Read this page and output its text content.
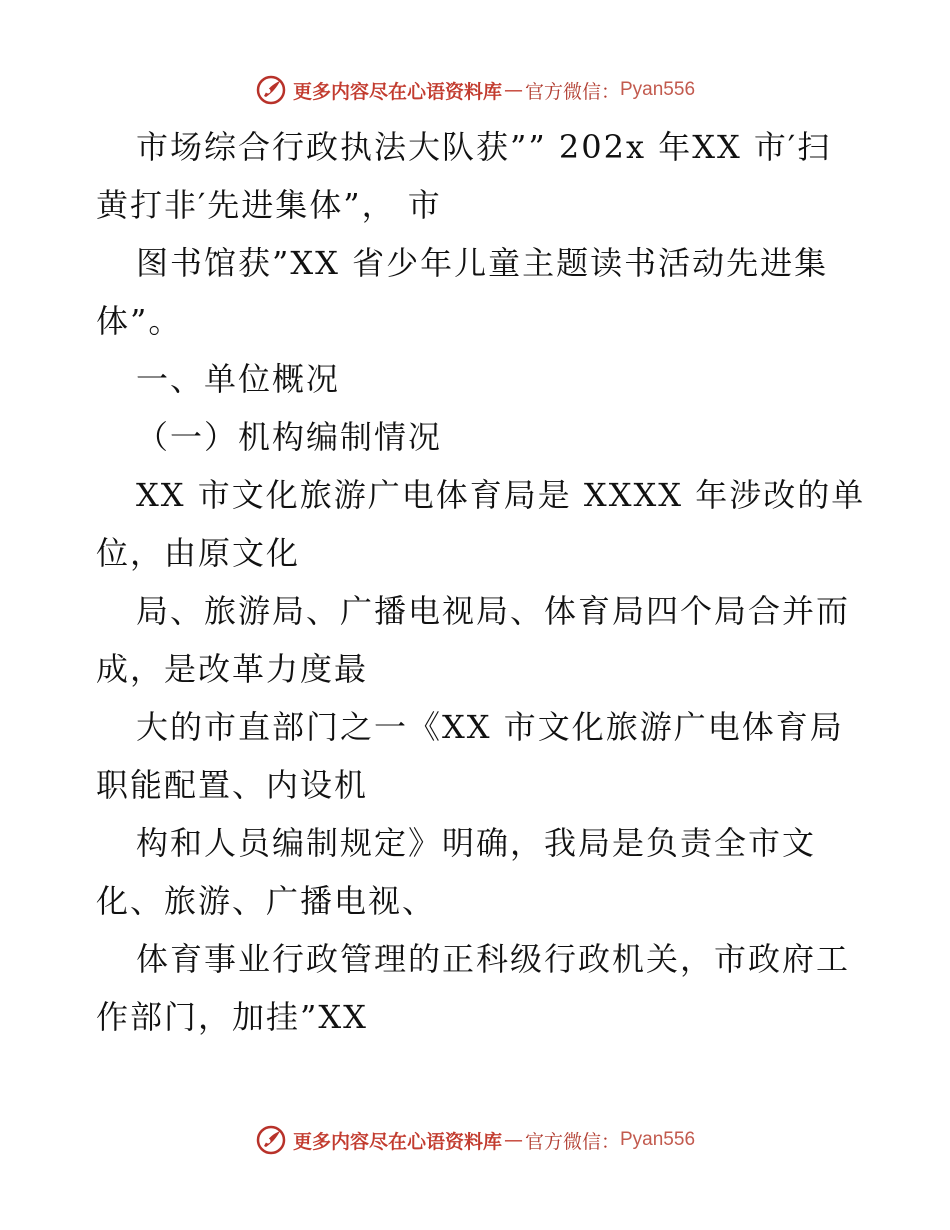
更多内容尽在心语资料库 — 官方微信： Pyan556
市场综合行政执法大队获”” 202x 年XX 市′扫
黄打非′先进集体”， 市
图书馆获”XX 省少年儿童主题读书活动先进集
体”。
一、单位概况
（一）机构编制情况
XX 市文化旅游广电体育局是 XXXX 年涉改的单
位，由原文化
局、旅游局、广播电视局、体育局四个局合并而
成，是改革力度最
大的市直部门之一《XX 市文化旅游广电体育局
职能配置、内设机
构和人员编制规定》明确，我局是负责全市文
化、旅游、广播电视、
体育事业行政管理的正科级行政机关，市政府工
作部门，加挂”XX
更多内容尽在心语资料库 — 官方微信： Pyan556
